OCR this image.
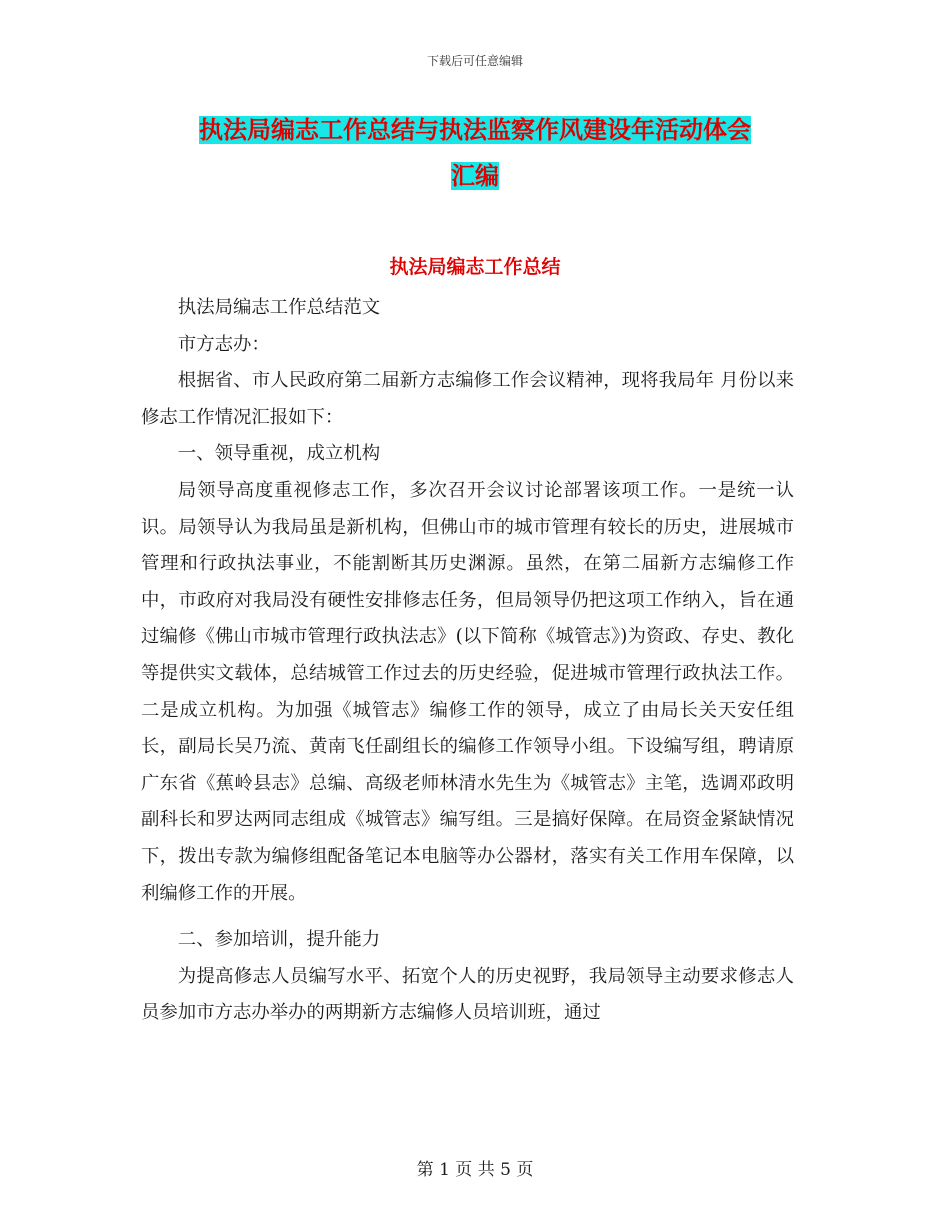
下载后可任意编辑
执法局编志工作总结与执法监察作风建设年活动体会
汇编
执法局编志工作总结

执法局编志工作总结范文

市方志办：

根据省、市人民政府第二届新方志编修工作会议精神，现将我局年 月份以来修志工作情况汇报如下：

一、领导重视，成立机构

局领导高度重视修志工作，多次召开会议讨论部署该项工作。一是统一认识。局领导认为我局虽是新机构，但佛山市的城市管理有较长的历史，进展城市管理和行政执法事业，不能割断其历史渊源。虽然，在第二届新方志编修工作中，市政府对我局没有硬性安排修志任务，但局领导仍把这项工作纳入，旨在通过编修《佛山市城市管理行政执法志》(以下简称《城管志》)为资政、存史、教化等提供实文载体，总结城管工作过去的历史经验，促进城市管理行政执法工作。二是成立机构。为加强《城管志》编修工作的领导，成立了由局长关天安任组长，副局长吴乃流、黄南飞任副组长的编修工作领导小组。下设编写组，聘请原广东省《蕉岭县志》总编、高级老师林清水先生为《城管志》主笔，选调邓政明副科长和罗达两同志组成《城管志》编写组。三是搞好保障。在局资金紧缺情况下，拨出专款为编修组配备笔记本电脑等办公器材，落实有关工作用车保障，以利编修工作的开展。

二、参加培训，提升能力

为提高修志人员编写水平、拓宽个人的历史视野，我局领导主动要求修志人员参加市方志办举办的两期新方志编修人员培训班，通过

第 1 页 共 5 页
